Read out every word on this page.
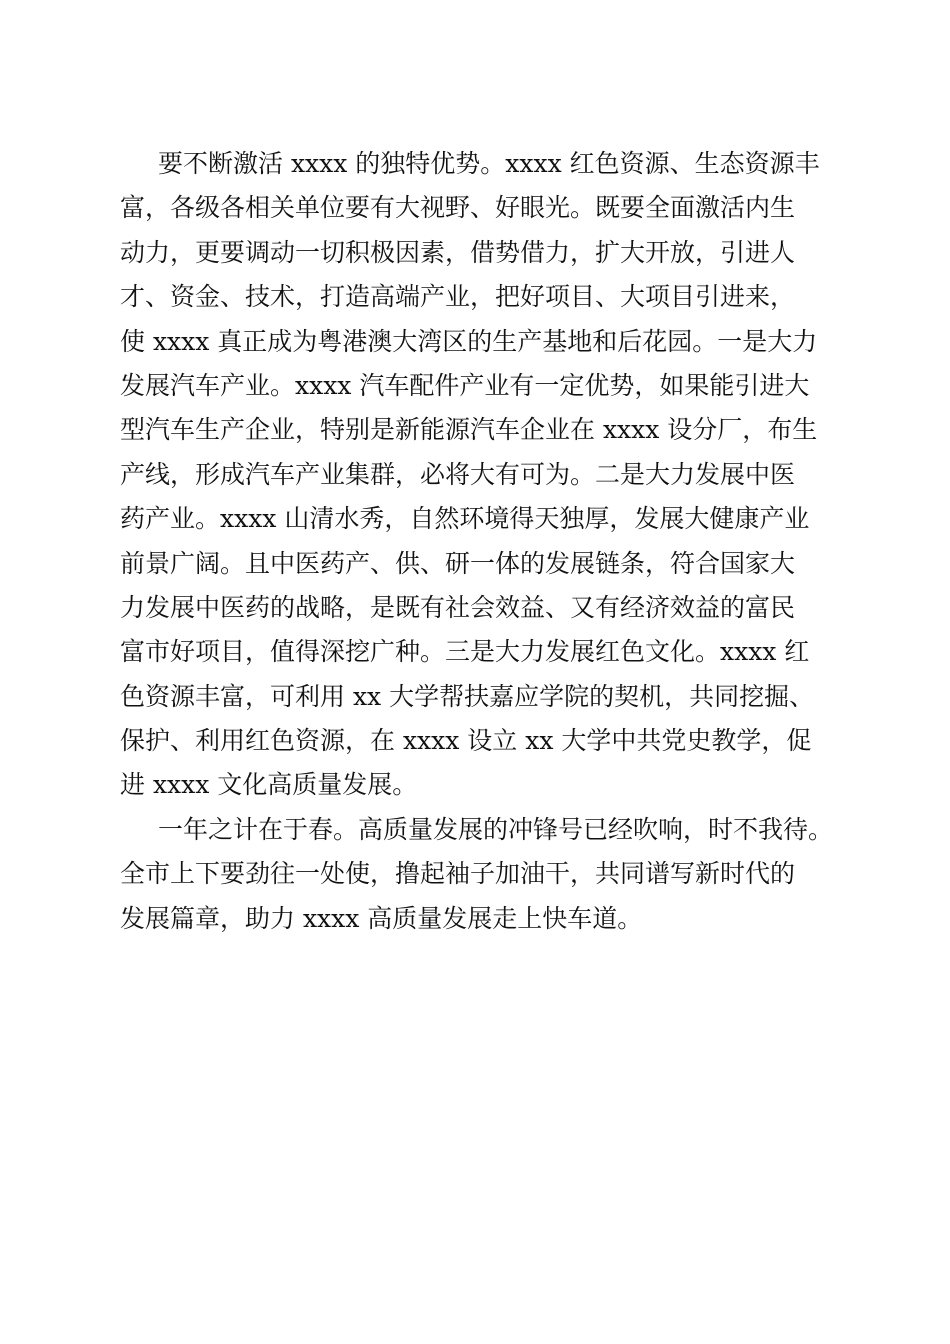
要不断激活 xxxx 的独特优势。xxxx 红色资源、生态资源丰
富，各级各相关单位要有大视野、好眼光。既要全面激活内生
动力，更要调动一切积极因素，借势借力，扩大开放，引进人
才、资金、技术，打造高端产业，把好项目、大项目引进来，
使 xxxx 真正成为粤港澳大湾区的生产基地和后花园。一是大力
发展汽车产业。xxxx 汽车配件产业有一定优势，如果能引进大
型汽车生产企业，特别是新能源汽车企业在 xxxx 设分厂，布生
产线，形成汽车产业集群，必将大有可为。二是大力发展中医
药产业。xxxx 山清水秀，自然环境得天独厚，发展大健康产业
前景广阔。且中医药产、供、研一体的发展链条，符合国家大
力发展中医药的战略，是既有社会效益、又有经济效益的富民
富市好项目，值得深挖广种。三是大力发展红色文化。xxxx 红
色资源丰富，可利用 xx 大学帮扶嘉应学院的契机，共同挖掘、
保护、利用红色资源，在 xxxx 设立 xx 大学中共党史教学，促
进 xxxx 文化高质量发展。
一年之计在于春。高质量发展的冲锋号已经吹响，时不我待。
全市上下要劲往一处使，撸起袖子加油干，共同谱写新时代的
发展篇章，助力 xxxx 高质量发展走上快车道。
